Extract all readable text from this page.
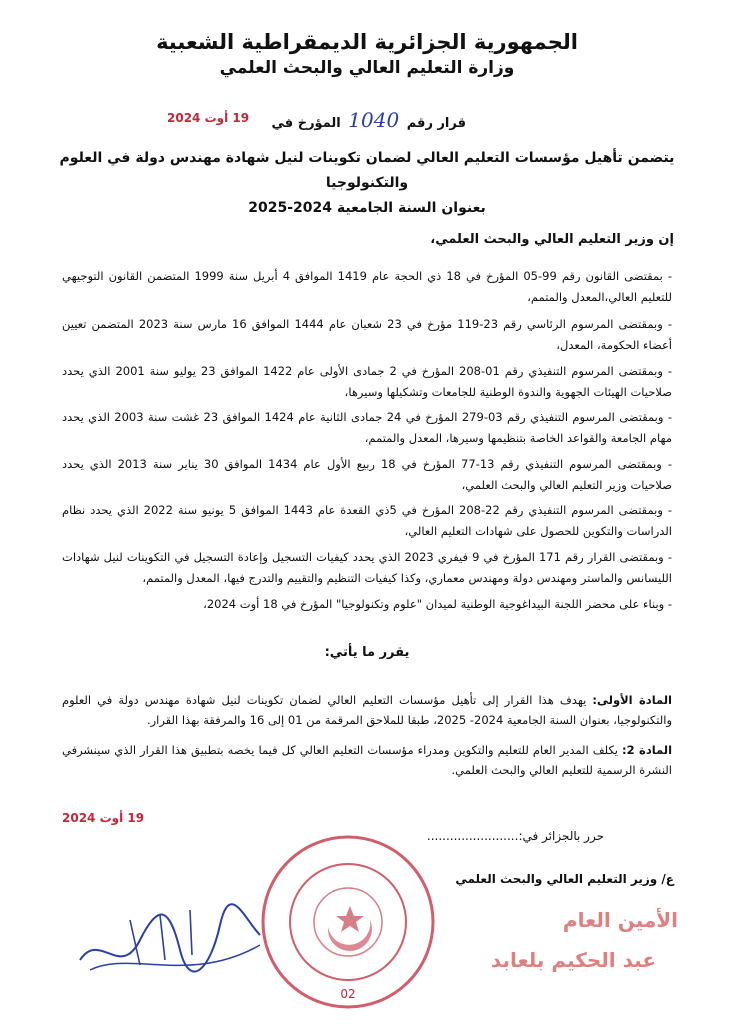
الجمهورية الجزائرية الديمقراطية الشعبية
وزارة التعليم العالي والبحث العلمي
قرار رقم 1040 المؤرخ في
19 أوت 2024
يتضمن تأهيل مؤسسات التعليم العالي لضمان تكوينات لنيل شهادة مهندس دولة في العلوم والتكنولوجيا
بعنوان السنة الجامعية 2024-2025
إن وزير التعليم العالي والبحث العلمي،
- بمقتضى القانون رقم 99-05 المؤرخ في 18 ذي الحجة عام 1419 الموافق 4 أبريل سنة 1999 المتضمن القانون التوجيهي للتعليم العالي،المعدل والمتمم،
- وبمقتضى المرسوم الرئاسي رقم 23-119 مؤرخ في 23 شعبان عام 1444 الموافق 16 مارس سنة 2023 المتضمن تعيين أعضاء الحكومة، المعدل،
- وبمقتضى المرسوم التنفيذي رقم 01-208 المؤرخ في 2 جمادى الأولى عام 1422 الموافق 23 يوليو سنة 2001 الذي يحدد صلاحيات الهيئات الجهوية والندوة الوطنية للجامعات وتشكيلها وسيرها،
- وبمقتضى المرسوم التنفيذي رقم 03-279 المؤرخ في 24 جمادى الثانية عام 1424 الموافق 23 غشت سنة 2003 الذي يحدد مهام الجامعة والقواعد الخاصة بتنظيمها وسيرها، المعدل والمتمم،
- وبمقتضى المرسوم التنفيذي رقم 13-77 المؤرخ في 18 ربيع الأول عام 1434 الموافق 30 يناير سنة 2013 الذي يحدد صلاحيات وزير التعليم العالي والبحث العلمي،
- وبمقتضى المرسوم التنفيذي رقم 22-208 المؤرخ في 5ذي القعدة عام 1443 الموافق 5 يونيو سنة 2022 الذي يحدد نظام الدراسات والتكوين للحصول على شهادات التعليم العالي،
- وبمقتضى القرار رقم 171 المؤرخ في 9 فيفري 2023 الذي يحدد كيفيات التسجيل وإعادة التسجيل في التكوينات لنيل شهادات الليسانس والماستر ومهندس دولة ومهندس معماري، وكذا كيفيات التنظيم والتقييم والتدرج فيها، المعدل والمتمم،
- وبناء على محضر اللجنة البيداغوجية الوطنية لميدان "علوم وتكنولوجيا" المؤرخ في 18 أوت 2024،
يقرر ما يأتي:
المادة الأولى: يهدف هذا القرار إلى تأهيل مؤسسات التعليم العالي لضمان تكوينات لنيل شهادة مهندس دولة في العلوم والتكنولوجيا، بعنوان السنة الجامعية 2024- 2025، طبقا للملاحق المرقمة من 01 إلى 16 والمرفقة بهذا القرار.
المادة 2: يكلف المدير العام للتعليم والتكوين ومدراء مؤسسات التعليم العالي كل فيما يخصه بتطبيق هذا القرار الذي سينشرفي النشرة الرسمية للتعليم العالي والبحث العلمي.
19 أوت 2024
حرر بالجزائر في:........................
ع/ وزير التعليم العالي والبحث العلمي
الأمين العام
عبد الحكيم بلعابد
02
